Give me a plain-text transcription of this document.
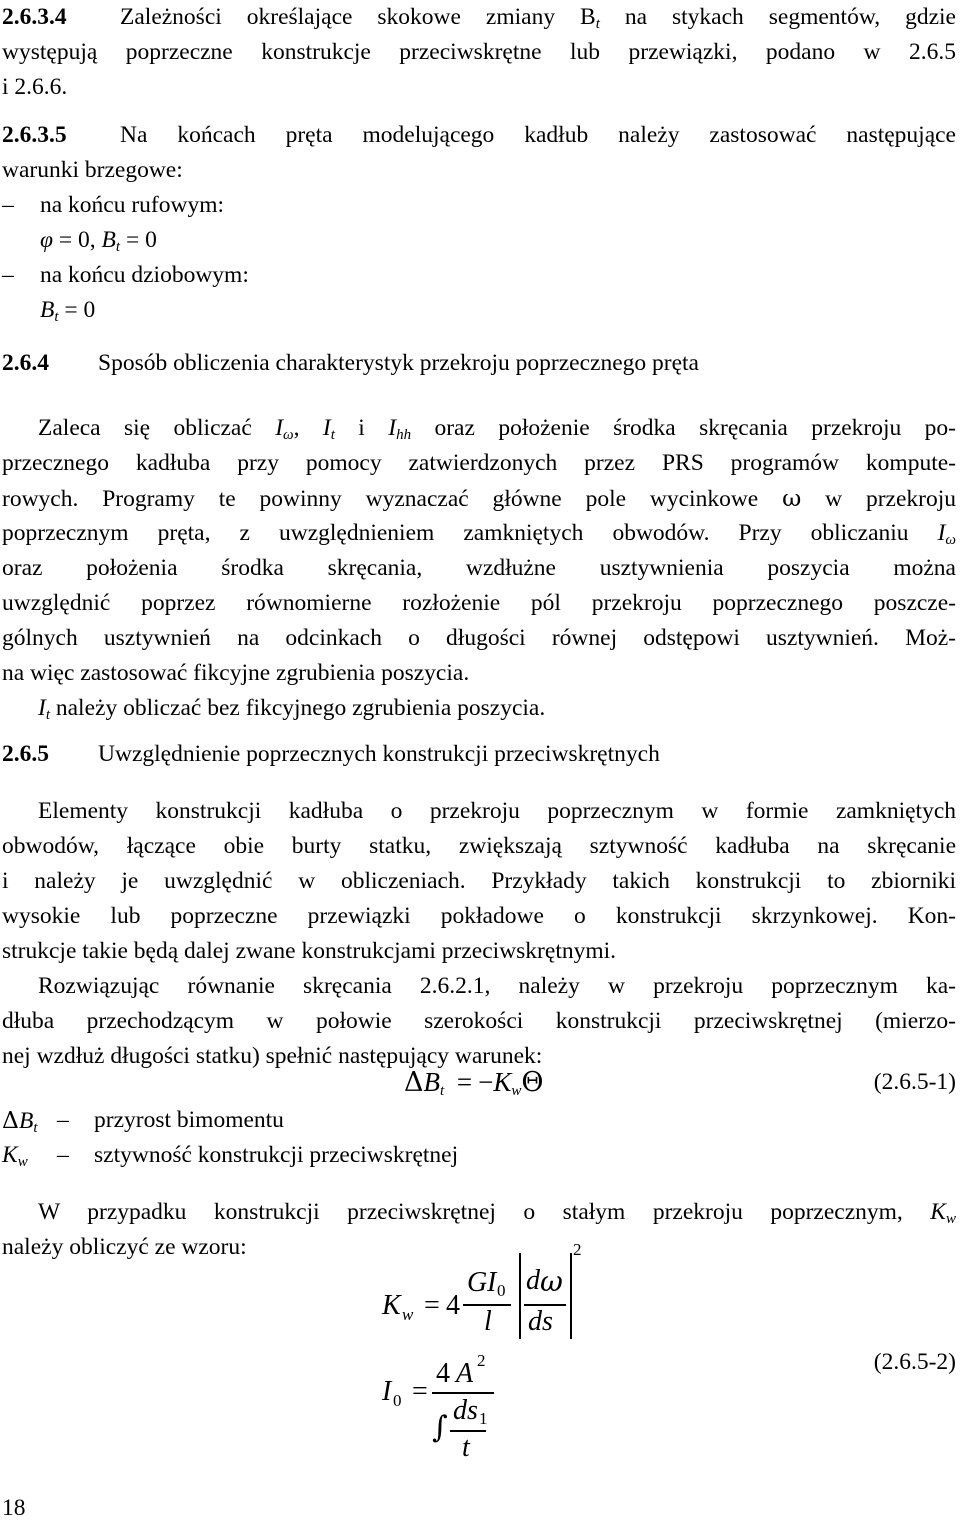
2.6.3.4 Zależności określające skokowe zmiany $B_t$ na stykach segmentów, gdzie
występują poprzeczne konstrukcje przeciwskrętne lub przewiązki, podano w 2.6.5
i 2.6.6.
2.6.3.5 Na końcach pręta modelującego kadłub należy zastosować następujące
warunki brzegowe:
– na końcu rufowym:
φ = 0, $B_t = 0$
– na końcu dziobowym:
$B_t = 0$
2.6.4 Sposób obliczenia charakterystyk przekroju poprzecznego pręta
Zaleca się obliczać $I_\omega$, $I_t$ i $I_{hh}$ oraz położenie środka skręcania przekroju po-
przecznego kadłuba przy pomocy zatwierdzonych przez PRS programów kompute-
rowych. Programy te powinny wyznaczać główne pole wycinkowe ω w przekroju
poprzecznym pręta, z uwzględnieniem zamkniętych obwodów. Przy obliczaniu $I_\omega$
oraz położenia środka skręcania, wzdłużne usztywnienia poszycia można
uwzględnić poprzez równomierne rozłożenie pól przekroju poprzecznego poszcze-
gólnych usztywnień na odcinkach o długości równej odstępowi usztywnień. Moż-
na więc zastosować fikcyjne zgrubienia poszycia.
$I_t$ należy obliczać bez fikcyjnego zgrubienia poszycia.
2.6.5 Uwzględnienie poprzecznych konstrukcji przeciwskrętnych
Elementy konstrukcji kadłuba o przekroju poprzecznym w formie zamkniętych
obwodów, łączące obie burty statku, zwiększają sztywność kadłuba na skręcanie
i należy je uwzględnić w obliczeniach. Przykłady takich konstrukcji to zbiorniki
wysokie lub poprzeczne przewiązki pokładowe o konstrukcji skrzynkowej. Kon-
strukcje takie będą dalej zwane konstrukcjami przeciwskrętnymi.
Rozwiązując równanie skręcania 2.6.2.1, należy w przekroju poprzecznym ka-
dłuba przechodzącym w połowie szerokości konstrukcji przeciwskrętnej (mierzo-
nej wzdłuż długości statku) spełnić następujący warunek:
$\Delta B_t = -K_w\Theta$	(2.6.5-1)
$\Delta B_t$ – przyrost bimomentu
$K_w$ – sztywność konstrukcji przeciwskrętnej
W przypadku konstrukcji przeciwskrętnej o stałym przekroju poprzecznym, $K_w$
należy obliczyć ze wzoru:
K w = 4
G I 0
l
d ω
ds
2
I 0 =
4 A 2
ds 1
∫
t
(2.6.5-2)
18
